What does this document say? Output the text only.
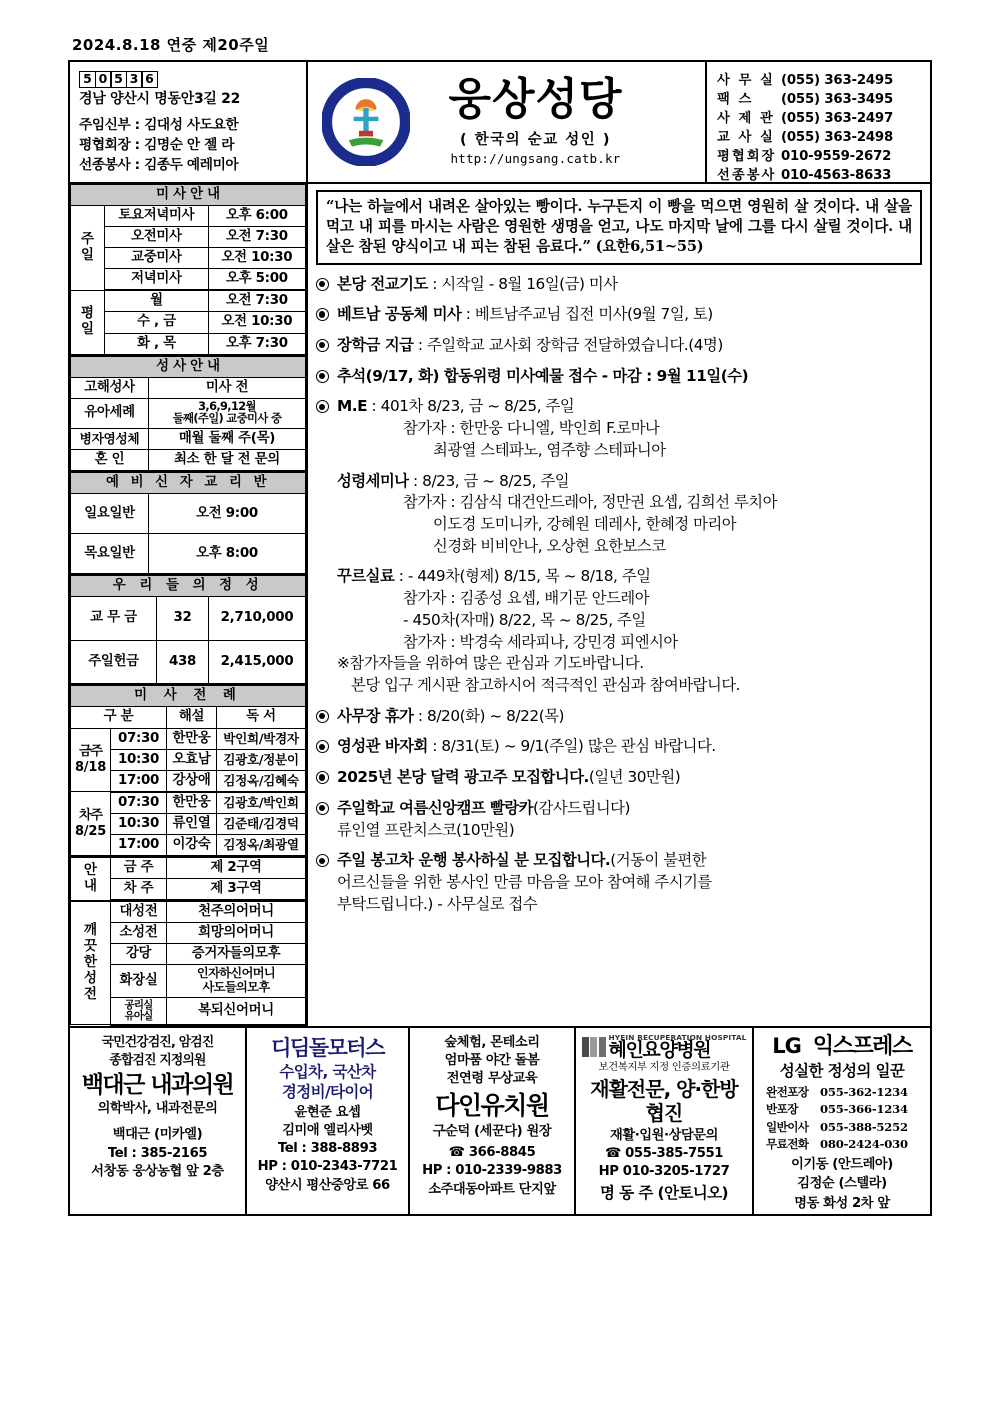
2024.8.18 연중 제20주일
5 0 5 3 6
경남 양산시 명동안3길 22
주임신부 : 김대성 사도요한
평협회장 : 김명순 안 젤 라
선종봉사 : 김종두 예레미아
웅상성당
( 한국의 순교 성인 )
http://ungsang.catb.kr
사 무 실 (055) 363-2495
팩 스 (055) 363-3495
사 제 관 (055) 363-2497
교 사 실 (055) 363-2498
평협회장 010-9559-2672
선종봉사 010-4563-8633
미 사 안 내		
주
일	토요저녁미사	오후 6:00
	오전미사	오전 7:30
	교중미사	오전 10:30
	저녁미사	오후 5:00
평
일	월	오전 7:30
	수 , 금	오전 10:30
	화 , 목	오후 7:30
성 사 안 내	
고해성사	미사 전
유아세례	3,6,9,12월
둘째(주일) 교중미사 중

병자영성체	매월 둘째 주(목)
혼 인	최소 한 달 전 문의
예 비 신 자 교 리 반	
일요일반	오전 9:00
목요일반	오후 8:00
우 리 들 의 정 성		
교 무 금	32	2,710,000
주일헌금	438	2,415,000
미 사 전 례			
구 분		해설	독 서
금주
8/18	07:30	한만웅	박인희/박경자
	10:30	오효남	김광호/정분이
	17:00	강상애	김정옥/김혜숙
차주
8/25	07:30	한만웅	김광호/박인희
	10:30	류인열	김준태/김경덕
	17:00	이강숙	김정옥/최광열
안
내	금 주	제 2구역
	차 주	제 3구역
깨
끗
한
성
전	대성전	천주의어머니
	소성전	희망의어머니
	강당	증거자들의모후
	화장실	인자하신어머니
사도들의모후

	공리실
유아실	복되신어머니
“나는 하늘에서 내려온 살아있는 빵이다. 누구든지 이 빵을 먹으면 영원히 살 것이다. 내 살을 먹고 내 피를 마시는 사람은 영원한 생명을 얻고, 나도 마지막 날에 그를 다시 살릴 것이다. 내 살은 참된 양식이고 내 피는 참된 음료다.” (요한6,51~55)
본당 전교기도 : 시작일 - 8월 16일(금) 미사
베트남 공동체 미사 : 베트남주교님 집전 미사(9월 7일, 토)
장학금 지급 : 주일학교 교사회 장학금 전달하였습니다.(4명)
추석(9/17, 화) 합동위령 미사예물 접수 - 마감 : 9월 11일(수)
M.E : 401차 8/23, 금 ~ 8/25, 주일
참가자 : 한만웅 다니엘, 박인희 F.로마나
최광열 스테파노, 염주향 스테파니아
성령세미나 : 8/23, 금 ~ 8/25, 주일
참가자 : 김삼식 대건안드레아, 정만권 요셉, 김희선 루치아
이도경 도미니카, 강혜원 데레사, 한혜정 마리아
신경화 비비안나, 오상현 요한보스코
꾸르실료 : - 449차(형제) 8/15, 목 ~ 8/18, 주일
참가자 : 김종성 요셉, 배기문 안드레아
- 450차(자매) 8/22, 목 ~ 8/25, 주일
참가자 : 박경숙 세라피나, 강민경 피엔시아
※참가자들을 위하여 많은 관심과 기도바랍니다.
본당 입구 게시판 참고하시어 적극적인 관심과 참여바랍니다.
사무장 휴가 : 8/20(화) ~ 8/22(목)
영성관 바자회 : 8/31(토) ~ 9/1(주일) 많은 관심 바랍니다.
2025년 본당 달력 광고주 모집합니다.(일년 30만원)
주일학교 여름신앙캠프 빨랑카(감사드립니다)
류인열 프란치스코(10만원)
주일 봉고차 운행 봉사하실 분 모집합니다.(거동이 불편한
어르신들을 위한 봉사인 만큼 마음을 모아 참여해 주시기를
부탁드립니다.) - 사무실로 접수
국민건강검진, 암검진
종합검진 지정의원
백대근 내과의원
의학박사, 내과전문의
백대근 (미카엘)
Tel : 385-2165
서창동 웅상농협 앞 2층
디딤돌모터스
수입차, 국산차
경정비/타이어
윤현준 요셉
김미애 엘리사벳
Tel : 388-8893
HP : 010-2343-7721
양산시 평산중앙로 66
숲체험, 몬테소리
엄마품 야간 돌봄
전연령 무상교육
다인유치원
구순덕 (세꾼다) 원장
☎ 366-8845
HP : 010-2339-9883
소주대동아파트 단지앞
HYEIN RECUPERATION HOSPITAL
혜인요양병원
보건복지부 지정 인증의료기관
재활전문, 양·한방 협진
재활·입원·상담문의
☎ 055-385-7551
HP 010-3205-1727
명 동 주 (안토니오)
LG 익스프레스
성실한 정성의 일꾼
완전포장	055-362-1234
반포장	055-366-1234
일반이사	055-388-5252
무료전화	080-2424-030
이기동 (안드레아)
김정순 (스텔라)
명동 화성 2차 앞
